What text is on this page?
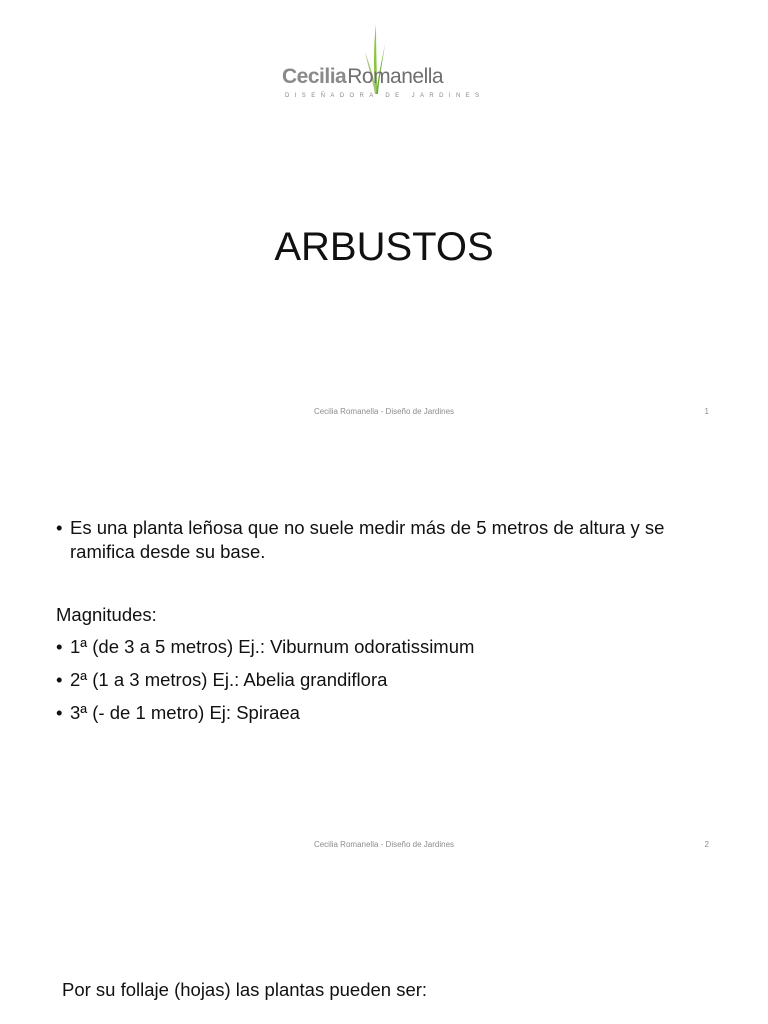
CeciliaRomanella
DISEÑADORA DE JARDINES
ARBUSTOS
Cecilia Romanella - Diseño de Jardines	1
• Es una planta leñosa que no suele medir más de 5 metros de altura y se ramifica desde su base.
Magnitudes:
• 1ª (de 3 a 5 metros) Ej.: Viburnum odoratissimum
• 2ª (1 a 3 metros) Ej.: Abelia grandiflora
• 3ª (- de 1 metro) Ej: Spiraea
Cecilia Romanella - Diseño de Jardines	2
Por su follaje (hojas) las plantas pueden ser:
